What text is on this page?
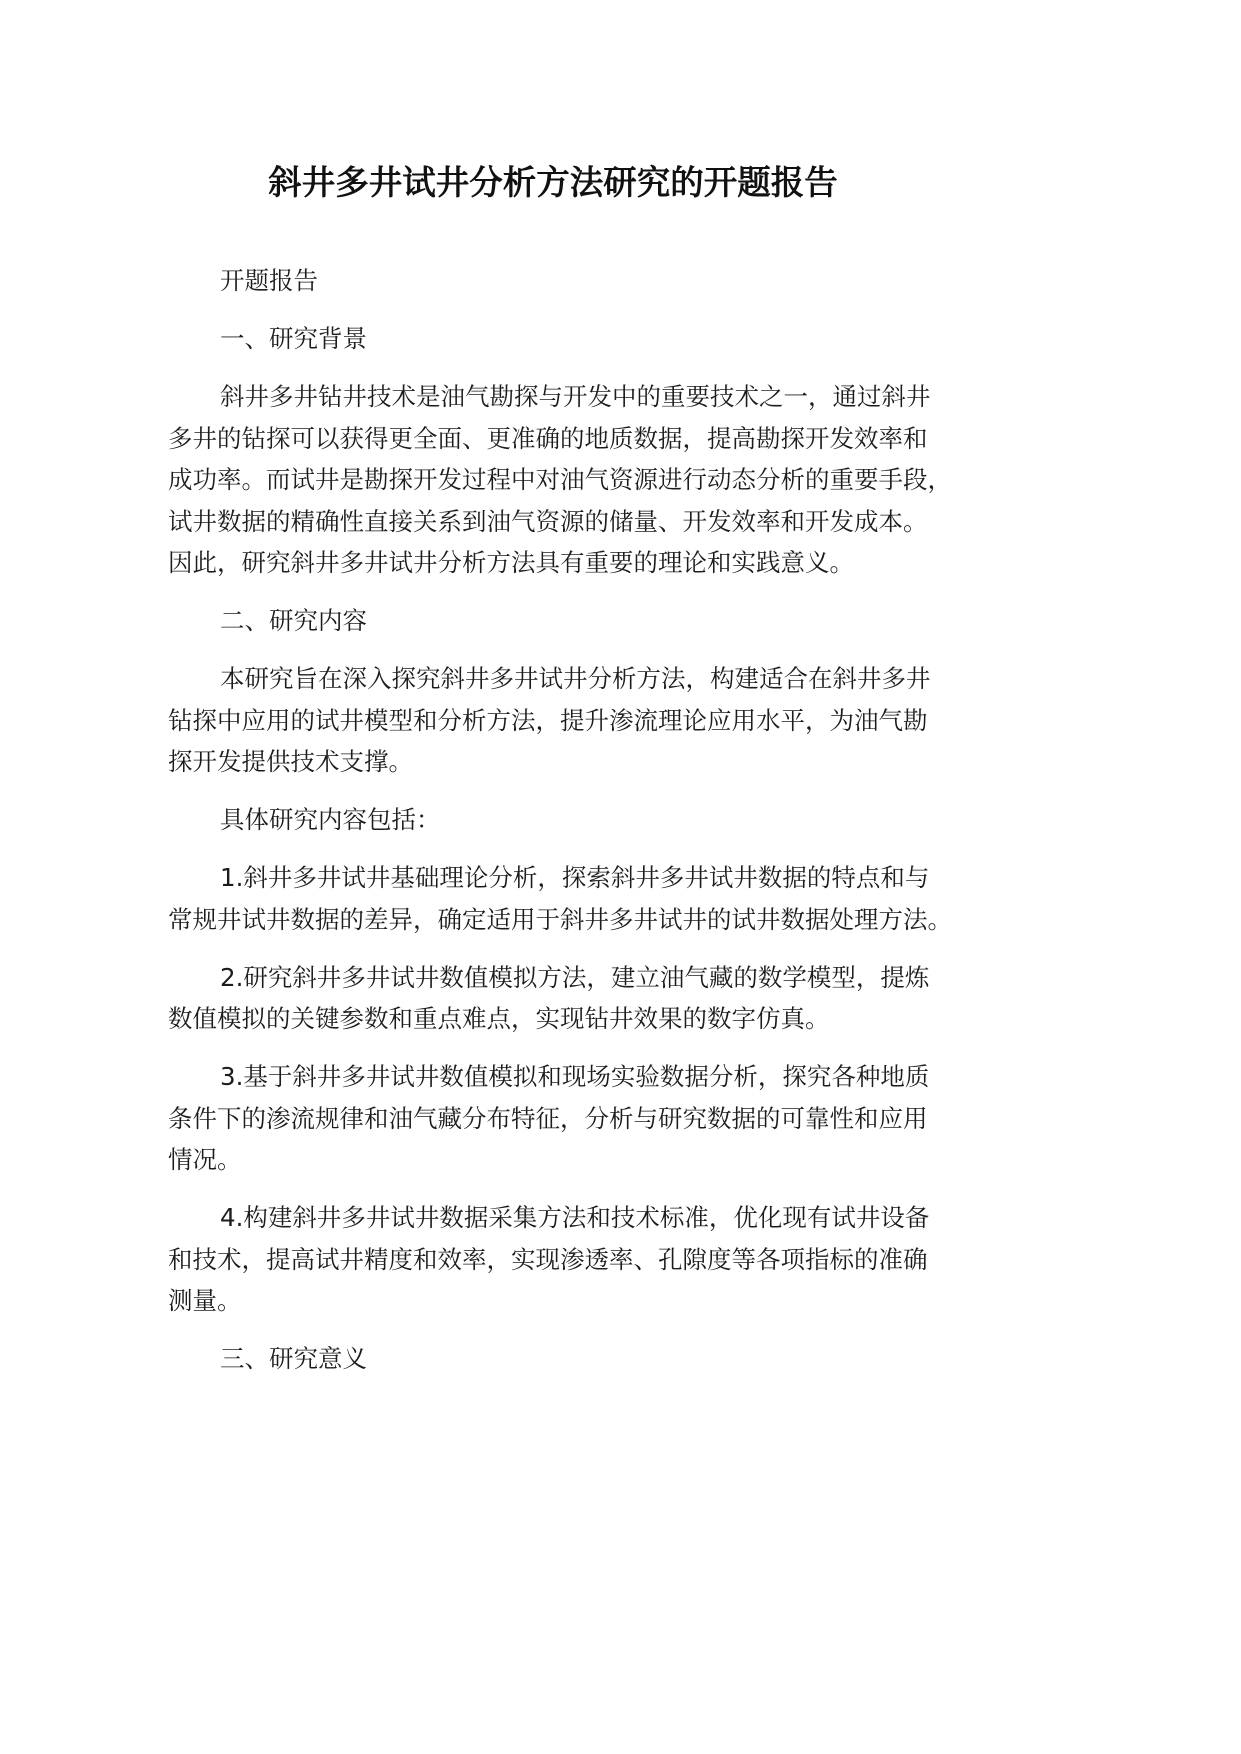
斜井多井试井分析方法研究的开题报告
开题报告
一、研究背景
斜井多井钻井技术是油气勘探与开发中的重要技术之一，通过斜井
多井的钻探可以获得更全面、更准确的地质数据，提高勘探开发效率和
成功率。而试井是勘探开发过程中对油气资源进行动态分析的重要手段，
试井数据的精确性直接关系到油气资源的储量、开发效率和开发成本。
因此，研究斜井多井试井分析方法具有重要的理论和实践意义。
二、研究内容
本研究旨在深入探究斜井多井试井分析方法，构建适合在斜井多井
钻探中应用的试井模型和分析方法，提升渗流理论应用水平，为油气勘
探开发提供技术支撑。
具体研究内容包括：
1.斜井多井试井基础理论分析，探索斜井多井试井数据的特点和与
常规井试井数据的差异，确定适用于斜井多井试井的试井数据处理方法。
2.研究斜井多井试井数值模拟方法，建立油气藏的数学模型，提炼
数值模拟的关键参数和重点难点，实现钻井效果的数字仿真。
3.基于斜井多井试井数值模拟和现场实验数据分析，探究各种地质
条件下的渗流规律和油气藏分布特征，分析与研究数据的可靠性和应用
情况。
4.构建斜井多井试井数据采集方法和技术标准，优化现有试井设备
和技术，提高试井精度和效率，实现渗透率、孔隙度等各项指标的准确
测量。
三、研究意义
